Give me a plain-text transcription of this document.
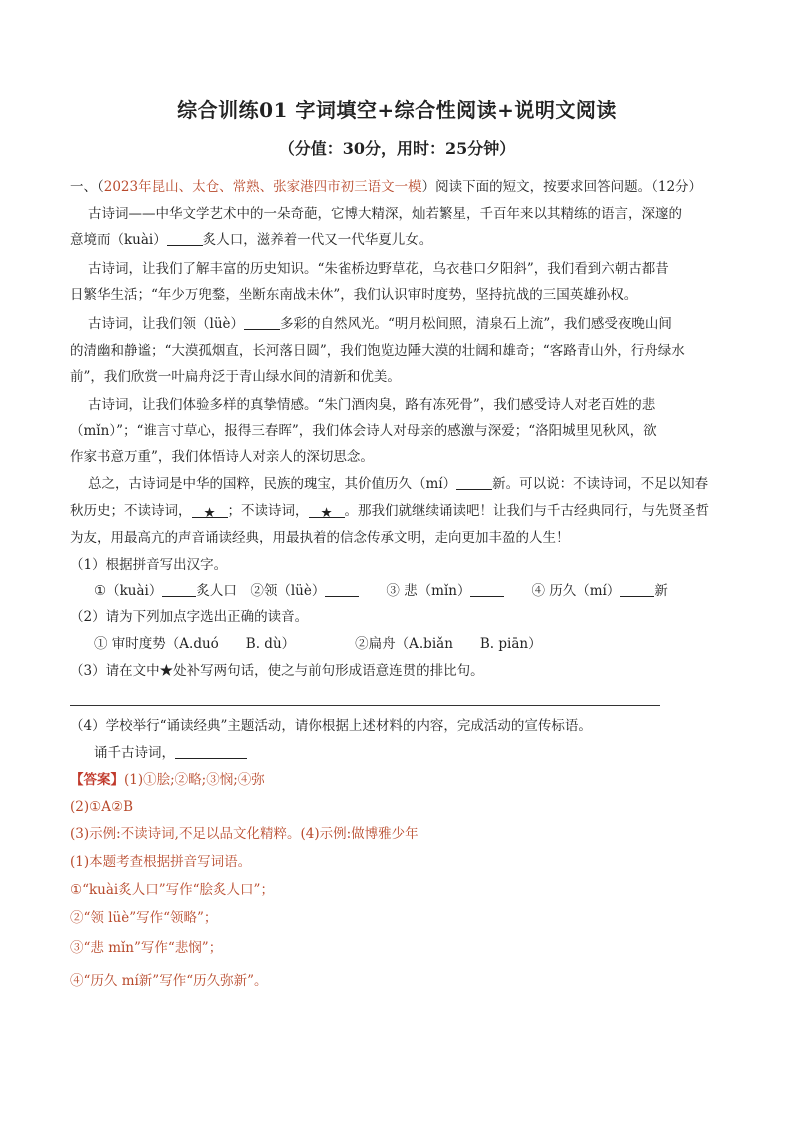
综合训练01 字词填空+综合性阅读+说明文阅读
（分值：30分，用时：25分钟）
一、（2023年昆山、太仓、常熟、张家港四市初三语文一模）阅读下面的短文，按要求回答问题。（12分）
古诗词——中华文学艺术中的一朵奇葩，它博大精深，灿若繁星，千百年来以其精练的语言，深邃的
意境而（kuài）	炙人口，滋养着一代又一代华夏儿女。
古诗词，让我们了解丰富的历史知识。“朱雀桥边野草花，乌衣巷口夕阳斜”，我们看到六朝古都昔
日繁华生活；“年少万兜鍪，坐断东南战未休”，我们认识审时度势，坚持抗战的三国英雄孙权。
古诗词，让我们领（lüè）	多彩的自然风光。“明月松间照，清泉石上流”，我们感受夜晚山间
的清幽和静谧；“大漠孤烟直，长河落日圆”，我们饱览边陲大漠的壮阔和雄奇；“客路青山外，行舟绿水
前”，我们欣赏一叶扁舟泛于青山绿水间的清新和优美。
古诗词，让我们体验多样的真挚情感。“朱门酒肉臭，路有冻死骨”，我们感受诗人对老百姓的悲
（mǐn）”；“谁言寸草心，报得三春晖”，我们体会诗人对母亲的感激与深爱；“洛阳城里见秋风，欲
作家书意万重”，我们体悟诗人对亲人的深切思念。
总之，古诗词是中华的国粹，民族的瑰宝，其价值历久（mí）	新。可以说：不读诗词，不足以知春
秋历史；不读诗词， ★ ；不读诗词， ★ 。那我们就继续诵读吧！让我们与千古经典同行，与先贤圣哲
为友，用最高亢的声音诵读经典，用最执着的信念传承文明，走向更加丰盈的人生！
（1）根据拼音写出汉字。
①（kuài）	炙人口　 ②领（lüè）　　	③ 悲（mǐn）　　	④ 历久（mí）	新
（2）请为下列加点字选出正确的读音。
① 审时度势（A.duó　　B. dù）	②扁舟（A.biǎn　　B. piān）
（3）请在文中★处补写两句话，使之与前句形成语意连贯的排比句。
（4）学校举行“诵读经典”主题活动，请你根据上述材料的内容，完成活动的宣传标语。
诵千古诗词，
【答案】(1)①脍;②略;③悯;④弥
(2)①A②B
(3)示例:不读诗词,不足以品文化精粹。(4)示例:做博雅少年
(1)本题考查根据拼音写词语。
①“kuài炙人口”写作“脍炙人口”；
②“领 lüè”写作“领略”；
③“悲 mǐn”写作“悲悯”；
④“历久 mí新”写作“历久弥新”。
